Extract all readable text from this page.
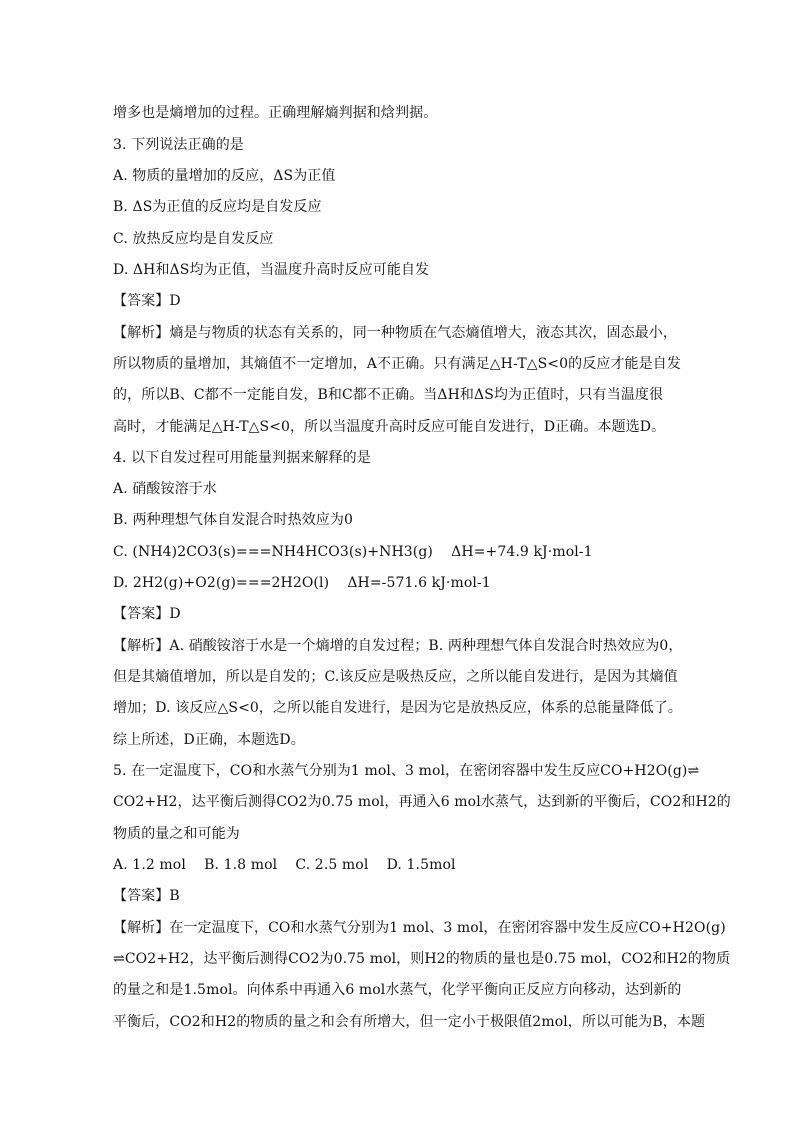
增多也是熵增加的过程。正确理解熵判据和焓判据。
3. 下列说法正确的是
A. 物质的量增加的反应，ΔS为正值
B. ΔS为正值的反应均是自发反应
C. 放热反应均是自发反应
D. ΔH和ΔS均为正值，当温度升高时反应可能自发
【答案】D
【解析】熵是与物质的状态有关系的，同一种物质在气态熵值增大，液态其次，固态最小，
所以物质的量增加，其熵值不一定增加，A不正确。只有满足△H-T△S<0的反应才能是自发
的，所以B、C都不一定能自发，B和C都不正确。当ΔH和ΔS均为正值时，只有当温度很
高时，才能满足△H-T△S<0，所以当温度升高时反应可能自发进行，D正确。本题选D。
4. 以下自发过程可用能量判据来解释的是
A. 硝酸铵溶于水
B. 两种理想气体自发混合时热效应为0
C. (NH4)2CO3(s)===NH4HCO3(s)+NH3(g)    ΔH=+74.9 kJ·mol-1
D. 2H2(g)+O2(g)===2H2O(l)    ΔH=-571.6 kJ·mol-1
【答案】D
【解析】A. 硝酸铵溶于水是一个熵增的自发过程；B. 两种理想气体自发混合时热效应为0，
但是其熵值增加，所以是自发的；C.该反应是吸热反应，之所以能自发进行，是因为其熵值
增加；D. 该反应△S<0，之所以能自发进行，是因为它是放热反应，体系的总能量降低了。
综上所述，D正确，本题选D。
5. 在一定温度下，CO和水蒸气分别为1 mol、3 mol，在密闭容器中发生反应CO+H2O(g)⇌
CO2+H2，达平衡后测得CO2为0.75 mol，再通入6 mol水蒸气，达到新的平衡后，CO2和H2的
物质的量之和可能为
A. 1.2 mol    B. 1.8 mol    C. 2.5 mol    D. 1.5mol
【答案】B
【解析】在一定温度下，CO和水蒸气分别为1 mol、3 mol，在密闭容器中发生反应CO+H2O(g)
⇌CO2+H2，达平衡后测得CO2为0.75 mol，则H2的物质的量也是0.75 mol，CO2和H2的物质
的量之和是1.5mol。向体系中再通入6 mol水蒸气，化学平衡向正反应方向移动，达到新的
平衡后，CO2和H2的物质的量之和会有所增大，但一定小于极限值2mol，所以可能为B，本题
